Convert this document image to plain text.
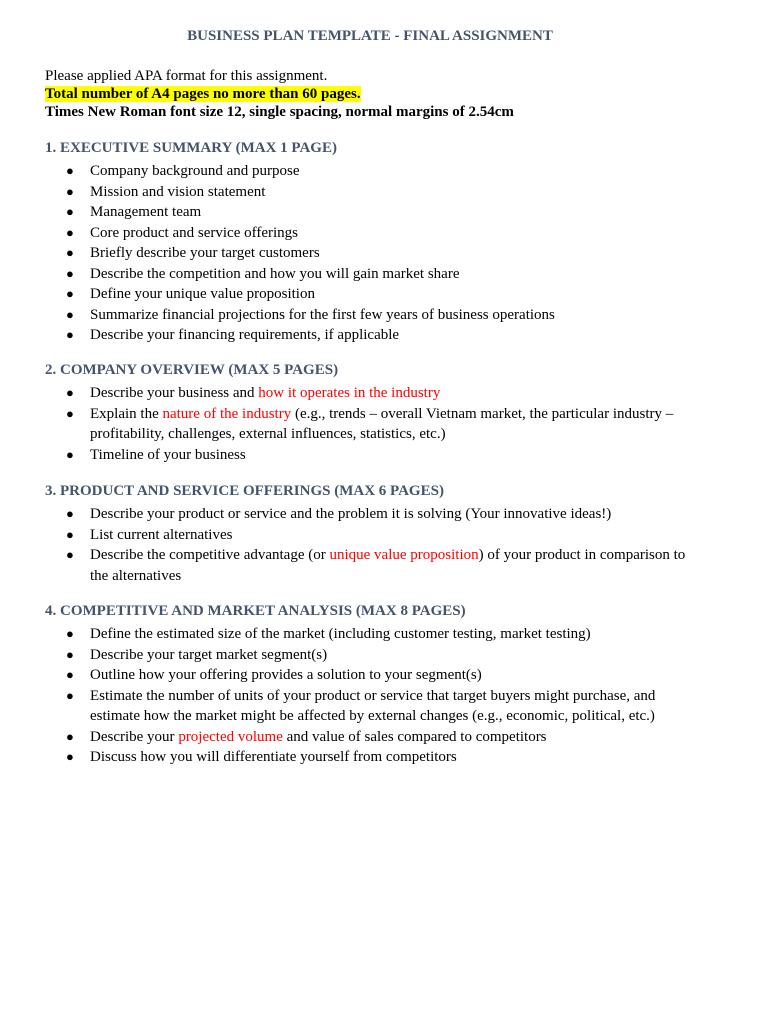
BUSINESS PLAN TEMPLATE - FINAL ASSIGNMENT
Please applied APA format for this assignment.
Total number of A4 pages no more than 60 pages.
Times New Roman font size 12, single spacing, normal margins of 2.54cm
1. EXECUTIVE SUMMARY (MAX 1 PAGE)
● Company background and purpose
● Mission and vision statement
● Management team
● Core product and service offerings
● Briefly describe your target customers
● Describe the competition and how you will gain market share
● Define your unique value proposition
● Summarize financial projections for the first few years of business operations
● Describe your financing requirements, if applicable
2. COMPANY OVERVIEW (MAX 5 PAGES)
● Describe your business and how it operates in the industry
● Explain the nature of the industry (e.g., trends – overall Vietnam market, the particular industry – profitability, challenges, external influences, statistics, etc.)
● Timeline of your business
3. PRODUCT AND SERVICE OFFERINGS (MAX 6 PAGES)
● Describe your product or service and the problem it is solving (Your innovative ideas!)
● List current alternatives
● Describe the competitive advantage (or unique value proposition) of your product in comparison to the alternatives
4. COMPETITIVE AND MARKET ANALYSIS (MAX 8 PAGES)
● Define the estimated size of the market (including customer testing, market testing)
● Describe your target market segment(s)
● Outline how your offering provides a solution to your segment(s)
● Estimate the number of units of your product or service that target buyers might purchase, and estimate how the market might be affected by external changes (e.g., economic, political, etc.)
● Describe your projected volume and value of sales compared to competitors
● Discuss how you will differentiate yourself from competitors
